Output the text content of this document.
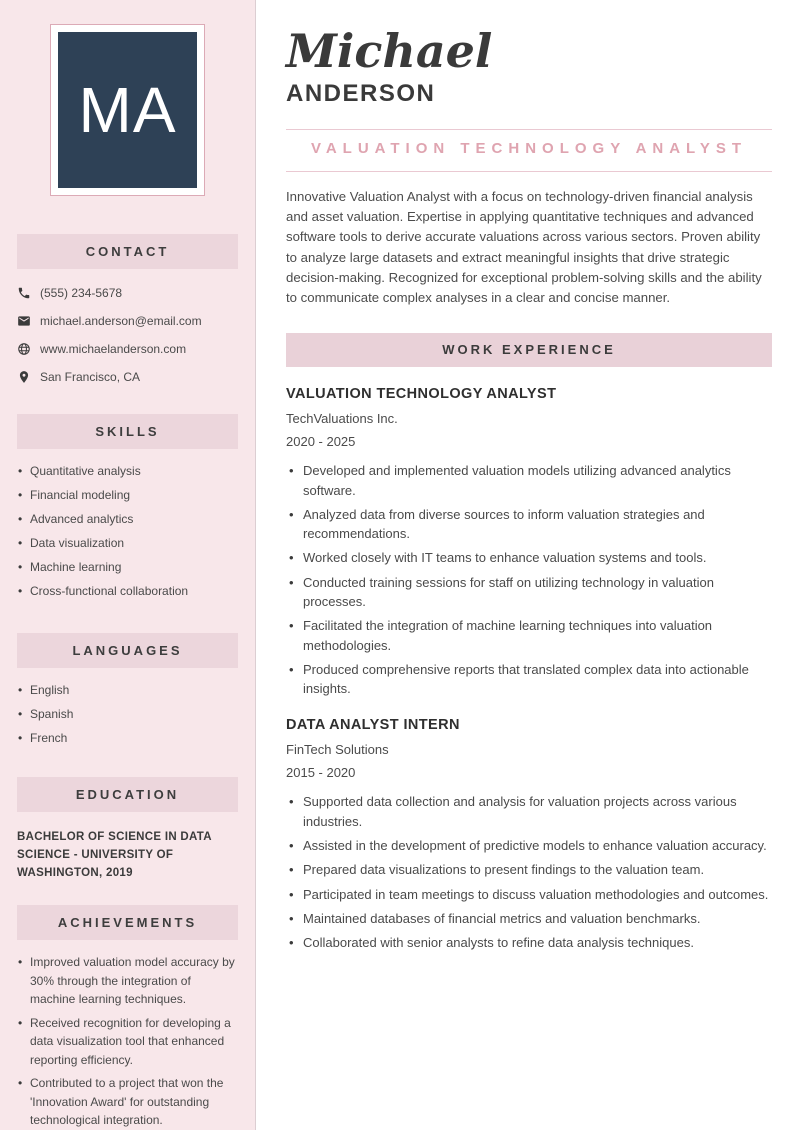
MA
CONTACT
(555) 234-5678
michael.anderson@email.com
www.michaelanderson.com
San Francisco, CA
SKILLS
• Quantitative analysis
• Financial modeling
• Advanced analytics
• Data visualization
• Machine learning
• Cross-functional collaboration
LANGUAGES
• English
• Spanish
• French
EDUCATION
BACHELOR OF SCIENCE IN DATA SCIENCE - UNIVERSITY OF WASHINGTON, 2019
ACHIEVEMENTS
• Improved valuation model accuracy by 30% through the integration of machine learning techniques.
• Received recognition for developing a data visualization tool that enhanced reporting efficiency.
• Contributed to a project that won the 'Innovation Award' for outstanding technological integration.
Michael
ANDERSON
VALUATION TECHNOLOGY ANALYST

Innovative Valuation Analyst with a focus on technology-driven financial analysis and asset valuation. Expertise in applying quantitative techniques and advanced software tools to derive accurate valuations across various sectors. Proven ability to analyze large datasets and extract meaningful insights that drive strategic decision-making. Recognized for exceptional problem-solving skills and the ability to communicate complex analyses in a clear and concise manner.

WORK EXPERIENCE
VALUATION TECHNOLOGY ANALYST
TechValuations Inc.
2020 - 2025
• Developed and implemented valuation models utilizing advanced analytics software.
• Analyzed data from diverse sources to inform valuation strategies and recommendations.
• Worked closely with IT teams to enhance valuation systems and tools.
• Conducted training sessions for staff on utilizing technology in valuation processes.
• Facilitated the integration of machine learning techniques into valuation methodologies.
• Produced comprehensive reports that translated complex data into actionable insights.
DATA ANALYST INTERN
FinTech Solutions
2015 - 2020
• Supported data collection and analysis for valuation projects across various industries.
• Assisted in the development of predictive models to enhance valuation accuracy.
• Prepared data visualizations to present findings to the valuation team.
• Participated in team meetings to discuss valuation methodologies and outcomes.
• Maintained databases of financial metrics and valuation benchmarks.
• Collaborated with senior analysts to refine data analysis techniques.
